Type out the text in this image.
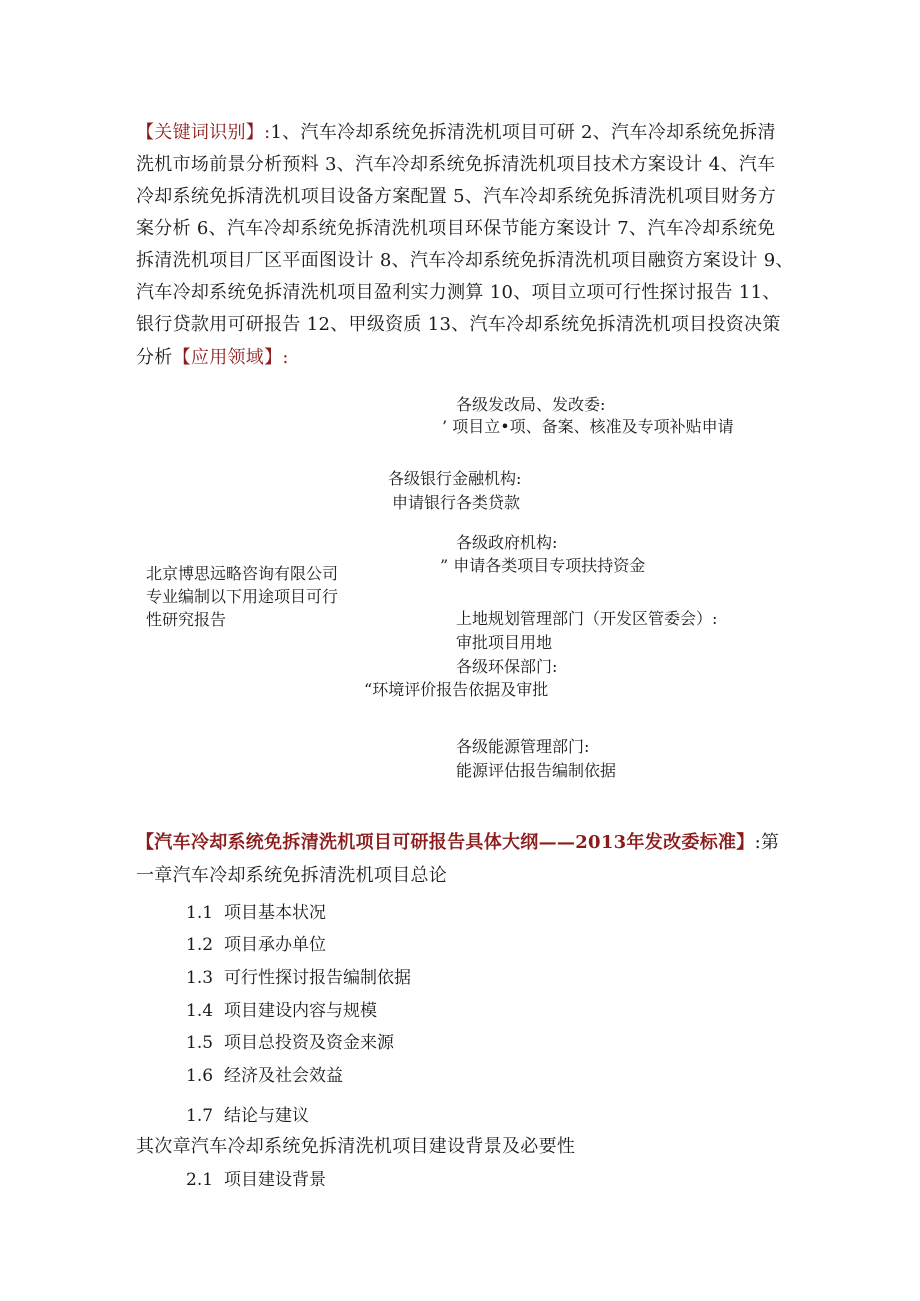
【关键词识别】:1、汽车冷却系统免拆清洗机项目可研 2、汽车冷却系统免拆清
洗机市场前景分析预料 3、汽车冷却系统免拆清洗机项目技术方案设计 4、汽车
冷却系统免拆清洗机项目设备方案配置 5、汽车冷却系统免拆清洗机项目财务方
案分析 6、汽车冷却系统免拆清洗机项目环保节能方案设计 7、汽车冷却系统免
拆清洗机项目厂区平面图设计 8、汽车冷却系统免拆清洗机项目融资方案设计 9、
汽车冷却系统免拆清洗机项目盈利实力测算 10、项目立项可行性探讨报告 11、
银行贷款用可研报告 12、甲级资质 13、汽车冷却系统免拆清洗机项目投资决策
分析【应用领域】:
各级发改局、发改委:
’ 项目立•项、备案、核准及专项补贴申请
各级银行金融机构:
申请银行各类贷款
各级政府机构:
” 申请各类项目专项扶持资金
北京博思远略咨询有限公司
专业编制以下用途项目可行
性研究报告	上地规划管理部门（开发区管委会）:
审批项目用地
各级环保部门:
“环境评价报告依据及审批
各级能源管理部门:
能源评估报告编制依据
【汽车冷却系统免拆清洗机项目可研报告具体大纲——2013年发改委标准】:第
一章汽车冷却系统免拆清洗机项目总论
1.1 项目基本状况
1.2 项目承办单位
1.3 可行性探讨报告编制依据
1.4 项目建设内容与规模
1.5 项目总投资及资金来源
1.6 经济及社会效益
1.7 结论与建议
其次章汽车冷却系统免拆清洗机项目建设背景及必要性
2.1 项目建设背景
